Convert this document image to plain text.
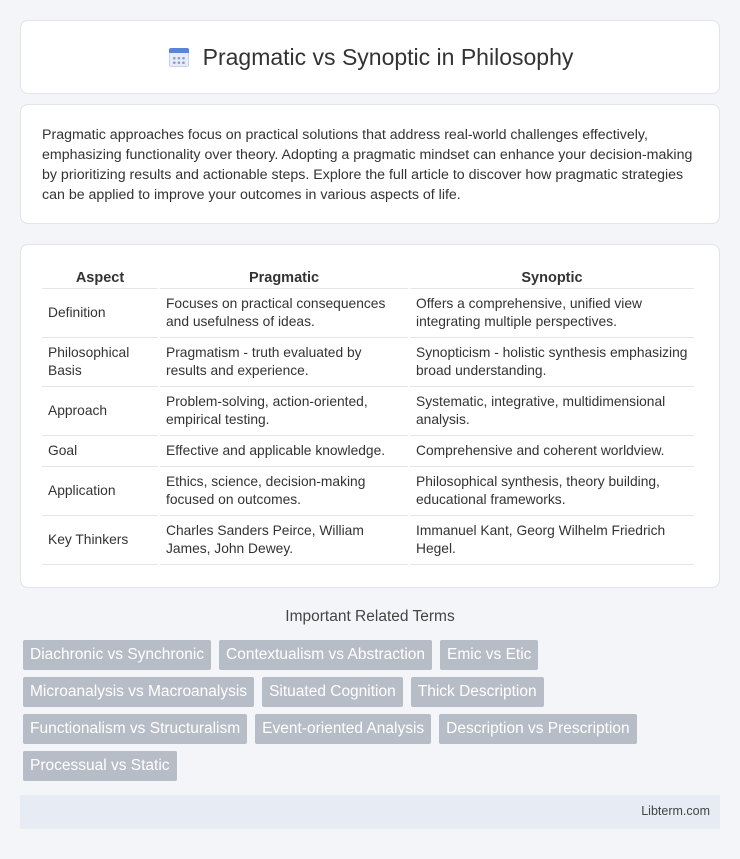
Pragmatic vs Synoptic in Philosophy

Pragmatic approaches focus on practical solutions that address real-world challenges effectively, emphasizing functionality over theory. Adopting a pragmatic mindset can enhance your decision-making by prioritizing results and actionable steps. Explore the full article to discover how pragmatic strategies can be applied to improve your outcomes in various aspects of life.

Aspect	Pragmatic	Synoptic
Definition	Focuses on practical consequences and usefulness of ideas.	Offers a comprehensive, unified view integrating multiple perspectives.
Philosophical Basis	Pragmatism - truth evaluated by results and experience.	Synopticism - holistic synthesis emphasizing broad understanding.
Approach	Problem-solving, action-oriented, empirical testing.	Systematic, integrative, multidimensional analysis.
Goal	Effective and applicable knowledge.	Comprehensive and coherent worldview.
Application	Ethics, science, decision-making focused on outcomes.	Philosophical synthesis, theory building, educational frameworks.
Key Thinkers	Charles Sanders Peirce, William James, John Dewey.	Immanuel Kant, Georg Wilhelm Friedrich Hegel.
Important Related Terms
Diachronic vs Synchronic	Contextualism vs Abstraction	Emic vs Etic
Microanalysis vs Macroanalysis	Situated Cognition	Thick Description
Functionalism vs Structuralism	Event-oriented Analysis	Description vs Prescription
Processual vs Static
Libterm.com
